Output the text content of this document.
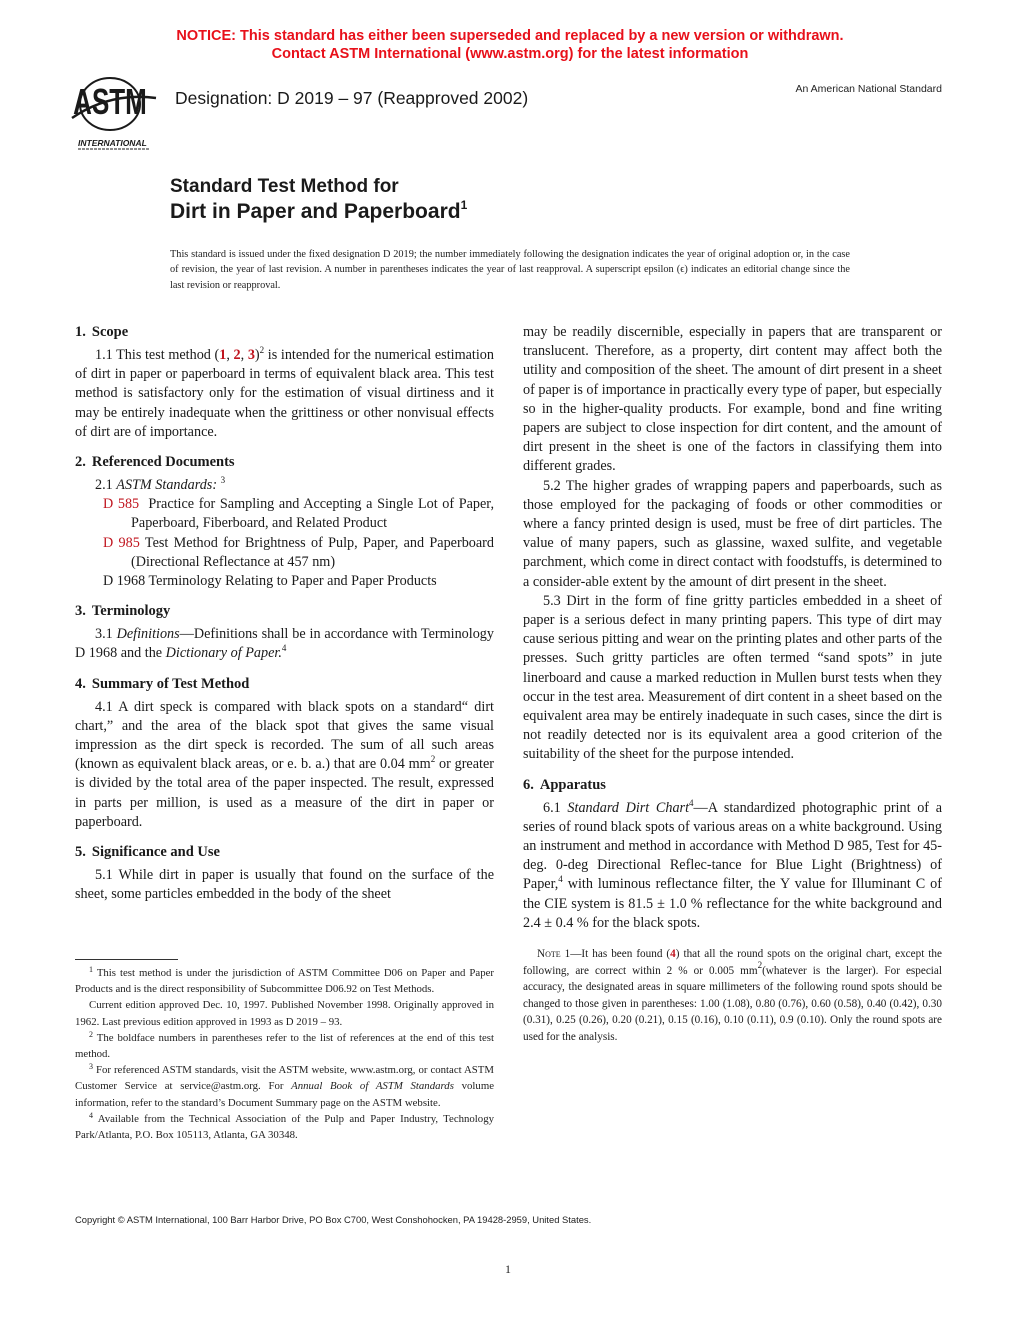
NOTICE: This standard has either been superseded and replaced by a new version or withdrawn.
Contact ASTM International (www.astm.org) for the latest information
ASTM
INTERNATIONAL
Designation: D 2019 – 97 (Reapproved 2002)	An American National Standard
Standard Test Method for
Dirt in Paper and Paperboard$^1$
This standard is issued under the fixed designation D 2019; the number immediately following the designation indicates the year of original adoption or, in the case of revision, the year of last revision. A number in parentheses indicates the year of last reapproval. A superscript epsilon (ϵ) indicates an editorial change since the last revision or reapproval.
1. Scope

1.1 This test method (1, 2, 3)$^2$ is intended for the numerical estimation of dirt in paper or paperboard in terms of equivalent black area. This test method is satisfactory only for the estimation of visual dirtiness and it may be entirely inadequate when the grittiness or other nonvisual effects of dirt are of importance.

2. Referenced Documents
2.1 ASTM Standards: $^3$
D 585 Practice for Sampling and Accepting a Single Lot of Paper, Paperboard, Fiberboard, and Related Product
D 985 Test Method for Brightness of Pulp, Paper, and Paperboard (Directional Reflectance at 457 nm)
D 1968 Terminology Relating to Paper and Paper Products
3. Terminology

3.1 Definitions—Definitions shall be in accordance with Terminology D 1968 and the Dictionary of Paper.$^4$

4. Summary of Test Method

4.1 A dirt speck is compared with black spots on a standard“ dirt chart,” and the area of the black spot that gives the same visual impression as the dirt speck is recorded. The sum of all such areas (known as equivalent black areas, or e. b. a.) that are 0.04 $mm^2$ or greater is divided by the total area of the paper inspected. The result, expressed in parts per million, is used as a measure of the dirt in paper or paperboard.

5. Significance and Use

5.1 While dirt in paper is usually that found on the surface of the sheet, some particles embedded in the body of the sheet

$^1$ This test method is under the jurisdiction of ASTM Committee D06 on Paper and Paper Products and is the direct responsibility of Subcommittee D06.92 on Test Methods.

Current edition approved Dec. 10, 1997. Published November 1998. Originally approved in 1962. Last previous edition approved in 1993 as D 2019 – 93.

$^2$ The boldface numbers in parentheses refer to the list of references at the end of this test method.

$^3$ For referenced ASTM standards, visit the ASTM website, www.astm.org, or contact ASTM Customer Service at service@astm.org. For Annual Book of ASTM Standards volume information, refer to the standard’s Document Summary page on the ASTM website.

$^4$ Available from the Technical Association of the Pulp and Paper Industry, Technology Park/Atlanta, P.O. Box 105113, Atlanta, GA 30348.

may be readily discernible, especially in papers that are transparent or translucent. Therefore, as a property, dirt content may affect both the utility and composition of the sheet. The amount of dirt present in a sheet of paper is of importance in practically every type of paper, but especially so in the higher-quality products. For example, bond and fine writing papers are subject to close inspection for dirt content, and the amount of dirt present in the sheet is one of the factors in classifying them into different grades.

5.2 The higher grades of wrapping papers and paperboards, such as those employed for the packaging of foods or other commodities or where a fancy printed design is used, must be free of dirt particles. The value of many papers, such as glassine, waxed sulfite, and vegetable parchment, which come in direct contact with foodstuffs, is determined to a consider-able extent by the amount of dirt present in the sheet.

5.3 Dirt in the form of fine gritty particles embedded in a sheet of paper is a serious defect in many printing papers. This type of dirt may cause serious pitting and wear on the printing plates and other parts of the presses. Such gritty particles are often termed “sand spots” in jute linerboard and cause a marked reduction in Mullen burst tests when they occur in the test area. Measurement of dirt content in a sheet based on the equivalent area may be entirely inadequate in such cases, since the dirt is not readily detected nor is its equivalent area a good criterion of the suitability of the sheet for the purpose intended.

6. Apparatus

6.1 Standard Dirt Chart$^4$—A standardized photographic print of a series of round black spots of various areas on a white background. Using an instrument and method in accordance with Method D 985, Test for 45-deg. 0-deg Directional Reflec-tance for Blue Light (Brightness) of Paper,$^4$ with luminous reflectance filter, the Y value for Illuminant C of the CIE system is 81.5 ± 1.0 % reflectance for the white background and 2.4 ± 0.4 % for the black spots.

Note 1—It has been found (4) that all the round spots on the original chart, except the following, are correct within 2 % or 0.005 $mm^2(whatever$ is the larger). For especial accuracy, the designated areas in square millimeters of the following round spots should be changed to those given in parentheses: 1.00 (1.08), 0.80 (0.76), 0.60 (0.58), 0.40 (0.42), 0.30 (0.31), 0.25 (0.26), 0.20 (0.21), 0.15 (0.16), 0.10 (0.11), 0.9 (0.10). Only the round spots are used for the analysis.
Copyright © ASTM International, 100 Barr Harbor Drive, PO Box C700, West Conshohocken, PA 19428-2959, United States.
1
